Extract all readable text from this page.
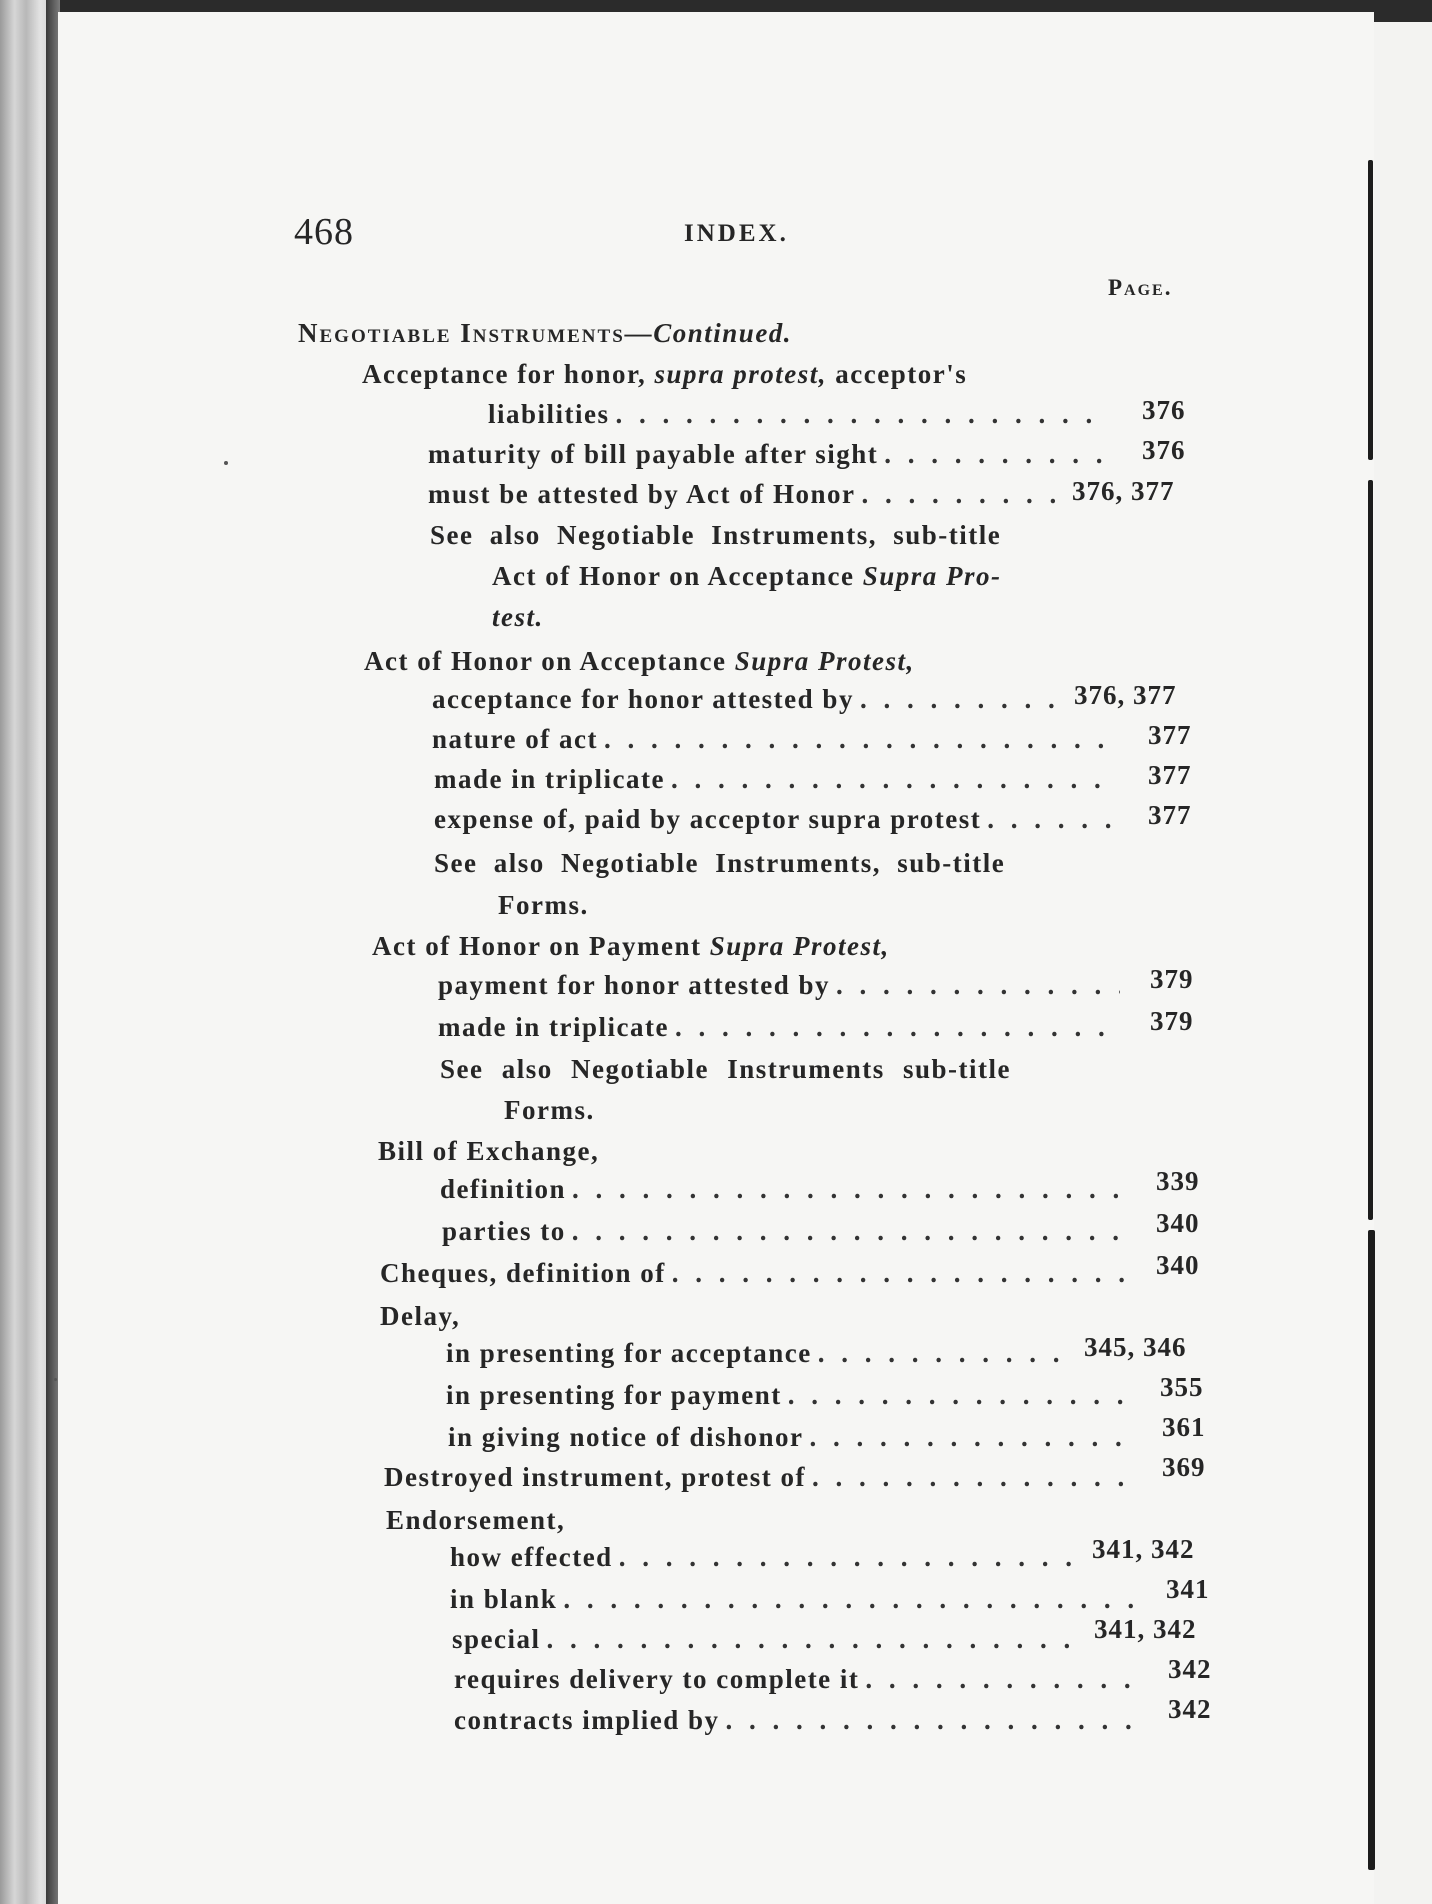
468	INDEX.
Page.
Negotiable Instruments—Continued.
Acceptance for honor, supra protest, acceptor's
liabilities . . .	376
maturity of bill payable after sight . . .	376
must be attested by Act of Honor . . .	376, 377
See also Negotiable Instruments, sub-title
Act of Honor on Acceptance Supra Pro-
test.
Act of Honor on Acceptance Supra Protest,
acceptance for honor attested by . . .	376, 377
nature of act . . .	377
made in triplicate . . .	377
expense of, paid by acceptor supra protest . . .	377
See also Negotiable Instruments, sub-title
Forms.
Act of Honor on Payment Supra Protest,
payment for honor attested by . . .	379
made in triplicate . . .	379
See also Negotiable Instruments sub-title
Forms.
Bill of Exchange,
definition . . .	339
parties to . . .	340
Cheques, definition of . . .	340
Delay,
in presenting for acceptance . . .	345, 346
in presenting for payment . . .	355
in giving notice of dishonor . . .	361
Destroyed instrument, protest of . . .	369
Endorsement,
how effected . . .	341, 342
in blank . . .	341
special . . .	341, 342
requires delivery to complete it . . .	342
contracts implied by . . .	342
